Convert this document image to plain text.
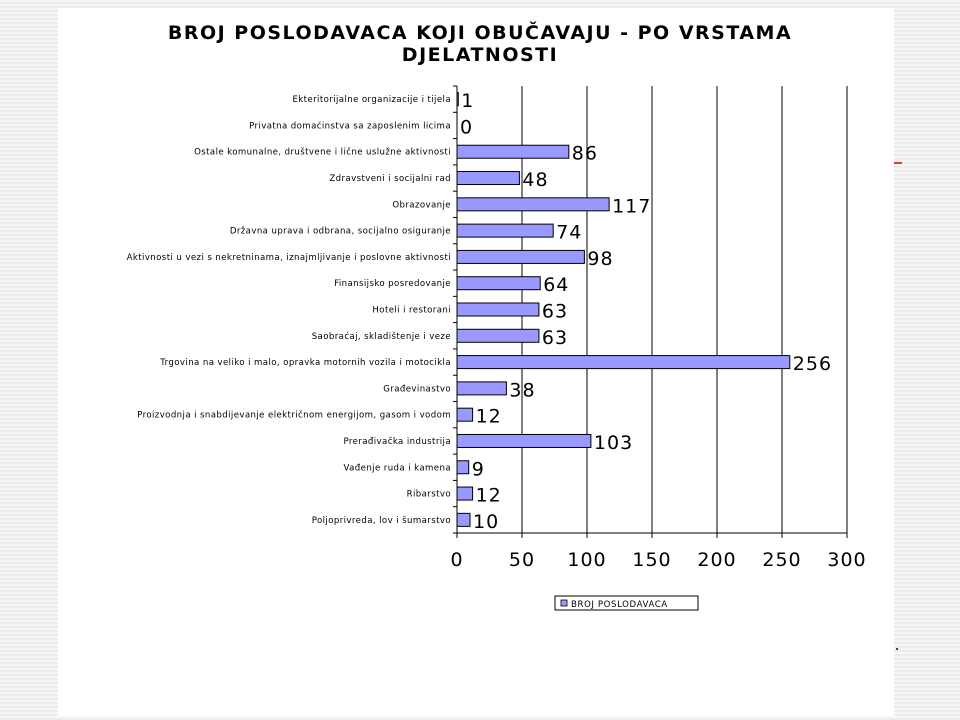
BROJ POSLODAVACA KOJI OBUČAVAJU - PO VRSTAMA
DJELATNOSTI
0 50 100 150 200 250 300
Ekteritorijalne organizacije i tijela 1
Privatna domaćinstva sa zaposlenim licima 0
Ostale komunalne, društvene i lične uslužne aktivnosti	86
Zdravstveni i socijalni rad	48
Obrazovanje	117
Državna uprava i odbrana, socijalno osiguranje	74
Aktivnosti u vezi s nekretninama, iznajmljivanje i poslovne aktivnosti	98
Finansijsko posredovanje	64
Hoteli i restorani	63
Saobraćaj, skladištenje i veze	63
Trgovina na veliko i malo, opravka motornih vozila i motocikla	256
Građevinastvo	38
Proizvodnja i snabdijevanje električnom energijom, gasom i vodom 12
Prerađivačka industrija	103
Vađenje ruda i kamena 9
Ribarstvo 12
Poljoprivreda, lov i šumarstvo 10
BROJ POSLODAVACA
